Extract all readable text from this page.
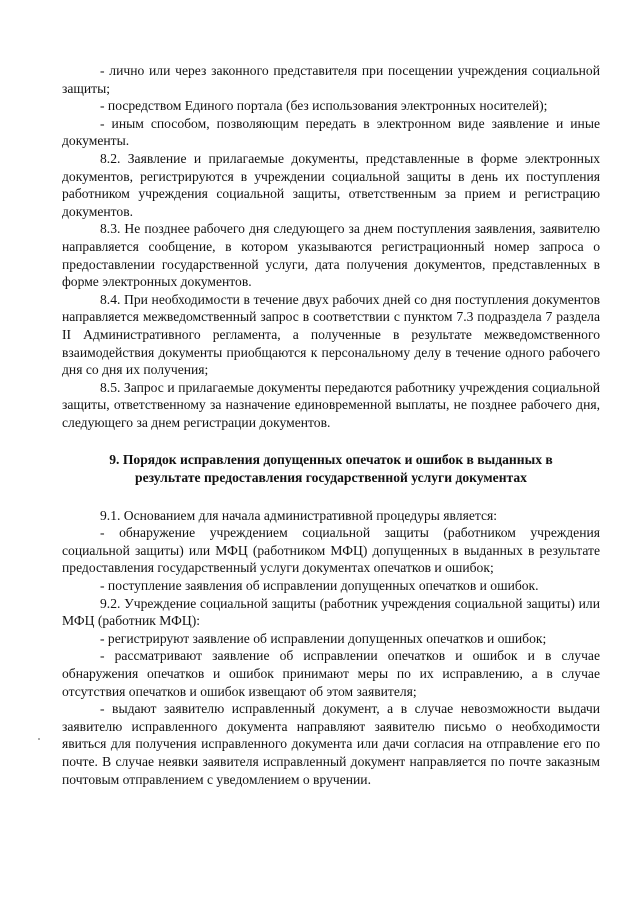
- лично или через законного представителя при посещении учреждения социальной защиты;

- посредством Единого портала (без использования электронных носителей);

- иным способом, позволяющим передать в электронном виде заявление и иные документы.

8.2. Заявление и прилагаемые документы, представленные в форме электронных документов, регистрируются в учреждении социальной защиты в день их поступления работником учреждения социальной защиты, ответственным за прием и регистрацию документов.

8.3. Не позднее рабочего дня следующего за днем поступления заявления, заявителю направляется сообщение, в котором указываются регистрационный номер запроса о предоставлении государственной услуги, дата получения документов, представленных в форме электронных документов.

8.4. При необходимости в течение двух рабочих дней со дня поступления документов направляется межведомственный запрос в соответствии с пунктом 7.3 подраздела 7 раздела II Административного регламента, а полученные в результате межведомственного взаимодействия документы приобщаются к персональному делу в течение одного рабочего дня со дня их получения;

8.5. Запрос и прилагаемые документы передаются работнику учреждения социальной защиты, ответственному за назначение единовременной выплаты, не позднее рабочего дня, следующего за днем регистрации документов.

9. Порядок исправления допущенных опечаток и ошибок в выданных в результате предоставления государственной услуги документах

9.1. Основанием для начала административной процедуры является:

- обнаружение учреждением социальной защиты (работником учреждения социальной защиты) или МФЦ (работником МФЦ) допущенных в выданных в результате предоставления государственный услуги документах опечатков и ошибок;

- поступление заявления об исправлении допущенных опечатков и ошибок.

9.2. Учреждение социальной защиты (работник учреждения социальной защиты) или МФЦ (работник МФЦ):

- регистрируют заявление об исправлении допущенных опечатков и ошибок;

- рассматривают заявление об исправлении опечатков и ошибок и в случае обнаружения опечатков и ошибок принимают меры по их исправлению, а в случае отсутствия опечатков и ошибок извещают об этом заявителя;

- выдают заявителю исправленный документ, а в случае невозможности выдачи заявителю исправленного документа направляют заявителю письмо о необходимости явиться для получения исправленного документа или дачи согласия на отправление его по почте. В случае неявки заявителя исправленный документ направляется по почте заказным почтовым отправлением с уведомлением о вручении.
